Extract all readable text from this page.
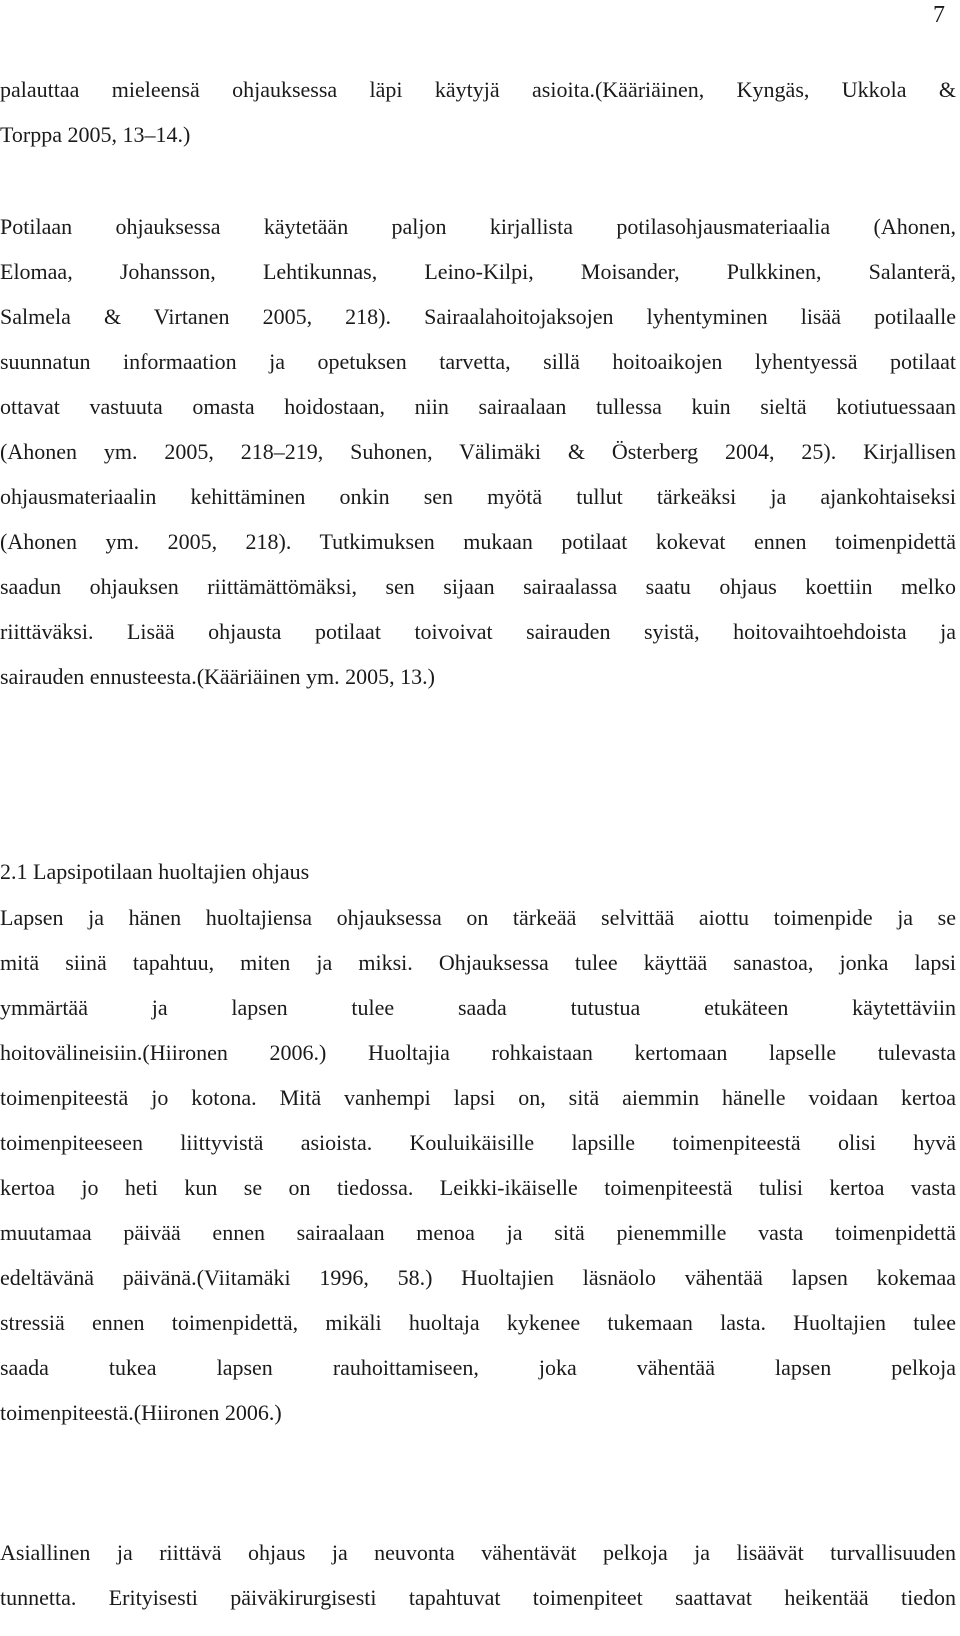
7
palauttaa mieleensä ohjauksessa läpi käytyjä asioita.(Kääriäinen, Kyngäs, Ukkola &
Torppa 2005, 13–14.)
Potilaan ohjauksessa käytetään paljon kirjallista potilasohjausmateriaalia (Ahonen,
Elomaa, Johansson, Lehtikunnas, Leino-Kilpi, Moisander, Pulkkinen, Salanterä,
Salmela & Virtanen 2005, 218). Sairaalahoitojaksojen lyhentyminen lisää potilaalle
suunnatun informaation ja opetuksen tarvetta, sillä hoitoaikojen lyhentyessä potilaat
ottavat vastuuta omasta hoidostaan, niin sairaalaan tullessa kuin sieltä kotiutuessaan
(Ahonen ym. 2005, 218–219, Suhonen, Välimäki & Österberg 2004, 25). Kirjallisen
ohjausmateriaalin kehittäminen onkin sen myötä tullut tärkeäksi ja ajankohtaiseksi
(Ahonen ym. 2005, 218). Tutkimuksen mukaan potilaat kokevat ennen toimenpidettä
saadun ohjauksen riittämättömäksi, sen sijaan sairaalassa saatu ohjaus koettiin melko
riittäväksi. Lisää ohjausta potilaat toivoivat sairauden syistä, hoitovaihtoehdoista ja
sairauden ennusteesta.(Kääriäinen ym. 2005, 13.)
2.1 Lapsipotilaan huoltajien ohjaus
Lapsen ja hänen huoltajiensa ohjauksessa on tärkeää selvittää aiottu toimenpide ja se
mitä siinä tapahtuu, miten ja miksi. Ohjauksessa tulee käyttää sanastoa, jonka lapsi
ymmärtää ja lapsen tulee saada tutustua etukäteen käytettäviin
hoitovälineisiin.(Hiironen 2006.) Huoltajia rohkaistaan kertomaan lapselle tulevasta
toimenpiteestä jo kotona. Mitä vanhempi lapsi on, sitä aiemmin hänelle voidaan kertoa
toimenpiteeseen liittyvistä asioista. Kouluikäisille lapsille toimenpiteestä olisi hyvä
kertoa jo heti kun se on tiedossa. Leikki-ikäiselle toimenpiteestä tulisi kertoa vasta
muutamaa päivää ennen sairaalaan menoa ja sitä pienemmille vasta toimenpidettä
edeltävänä päivänä.(Viitamäki 1996, 58.) Huoltajien läsnäolo vähentää lapsen kokemaa
stressiä ennen toimenpidettä, mikäli huoltaja kykenee tukemaan lasta. Huoltajien tulee
saada tukea lapsen rauhoittamiseen, joka vähentää lapsen pelkoja
toimenpiteestä.(Hiironen 2006.)
Asiallinen ja riittävä ohjaus ja neuvonta vähentävät pelkoja ja lisäävät turvallisuuden
tunnetta. Erityisesti päiväkirurgisesti tapahtuvat toimenpiteet saattavat heikentää tiedon
